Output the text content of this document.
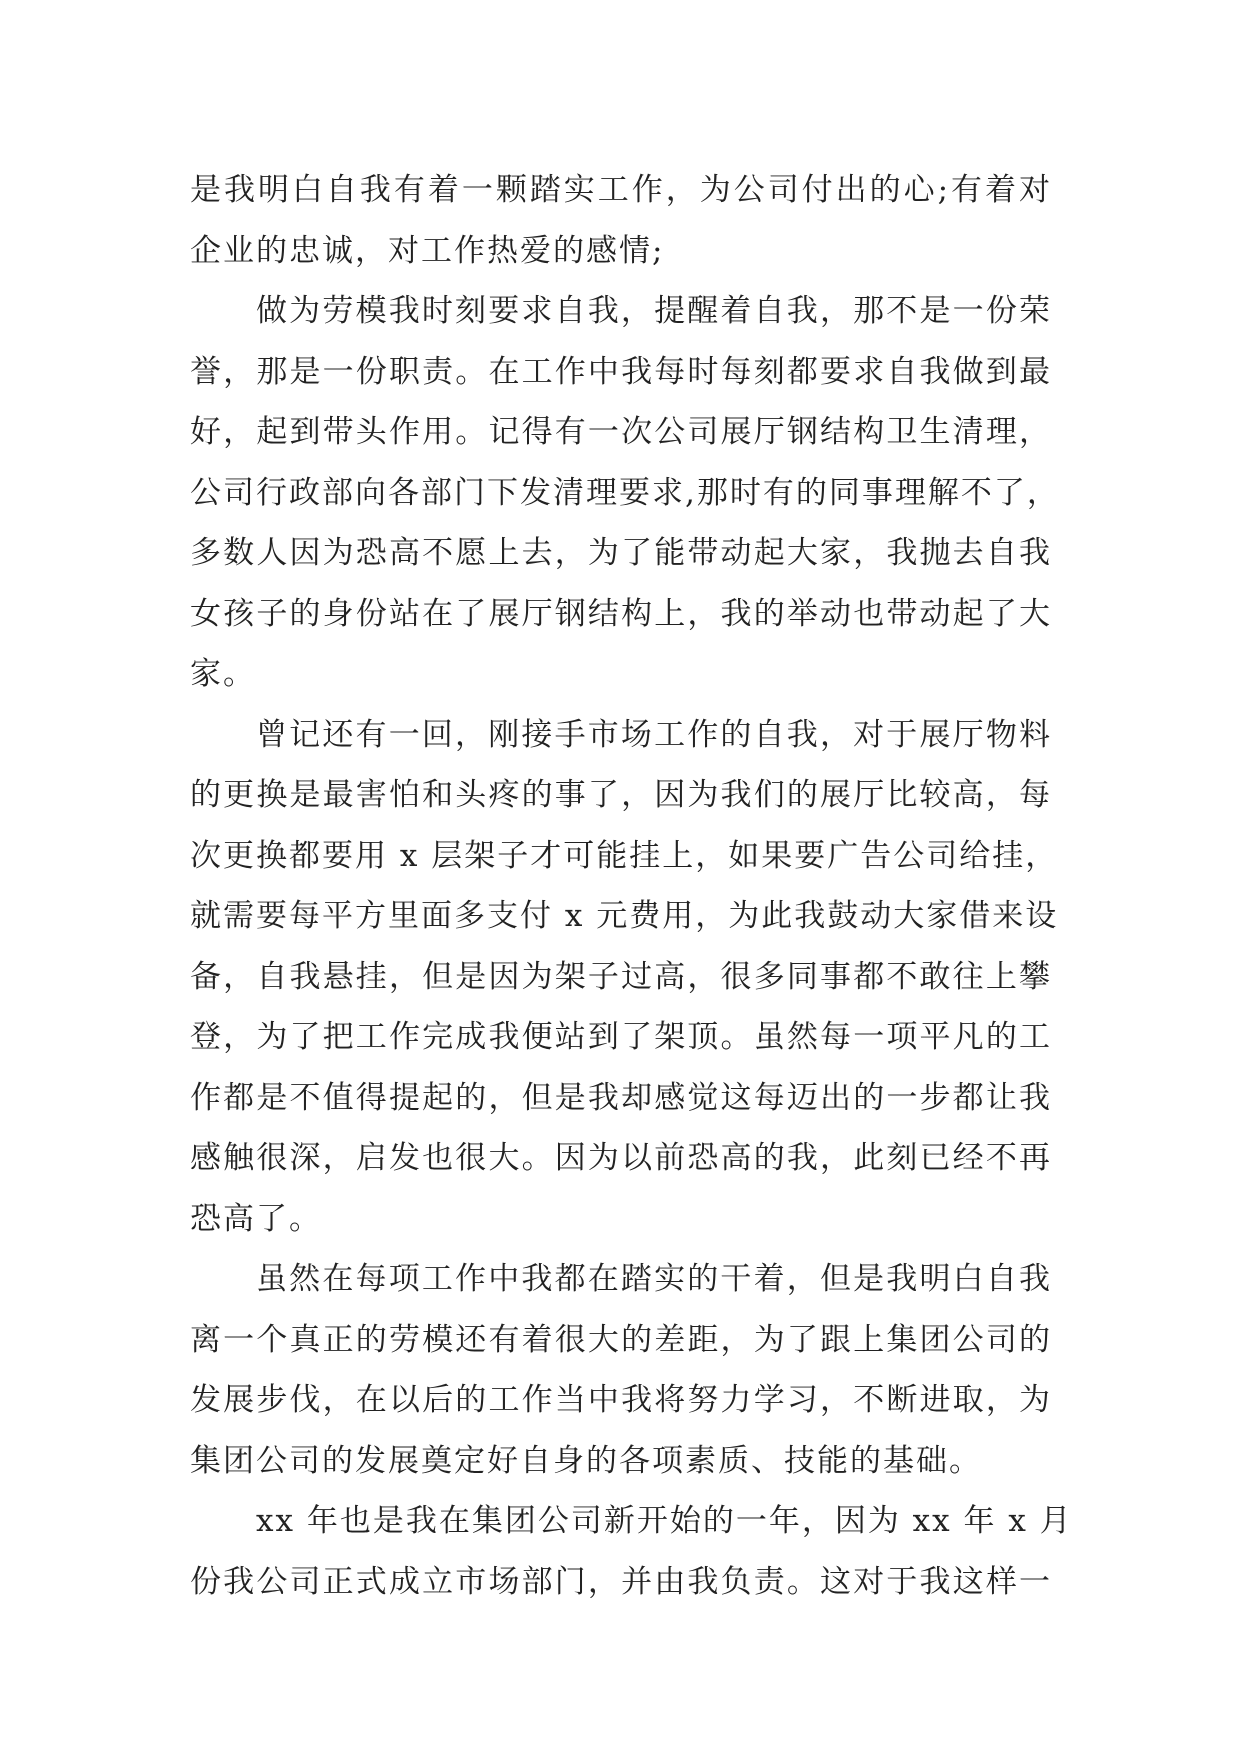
是我明白自我有着一颗踏实工作，为公司付出的心;有着对
企业的忠诚，对工作热爱的感情;
做为劳模我时刻要求自我，提醒着自我，那不是一份荣
誉，那是一份职责。在工作中我每时每刻都要求自我做到最
好，起到带头作用。记得有一次公司展厅钢结构卫生清理，
公司行政部向各部门下发清理要求,那时有的同事理解不了，
多数人因为恐高不愿上去，为了能带动起大家，我抛去自我
女孩子的身份站在了展厅钢结构上，我的举动也带动起了大
家。
曾记还有一回，刚接手市场工作的自我，对于展厅物料
的更换是最害怕和头疼的事了，因为我们的展厅比较高，每
次更换都要用 x 层架子才可能挂上，如果要广告公司给挂，
就需要每平方里面多支付 x 元费用，为此我鼓动大家借来设
备，自我悬挂，但是因为架子过高，很多同事都不敢往上攀
登，为了把工作完成我便站到了架顶。虽然每一项平凡的工
作都是不值得提起的，但是我却感觉这每迈出的一步都让我
感触很深，启发也很大。因为以前恐高的我，此刻已经不再
恐高了。
虽然在每项工作中我都在踏实的干着，但是我明白自我
离一个真正的劳模还有着很大的差距，为了跟上集团公司的
发展步伐，在以后的工作当中我将努力学习，不断进取，为
集团公司的发展奠定好自身的各项素质、技能的基础。
xx 年也是我在集团公司新开始的一年，因为 xx 年 x 月
份我公司正式成立市场部门，并由我负责。这对于我这样一
